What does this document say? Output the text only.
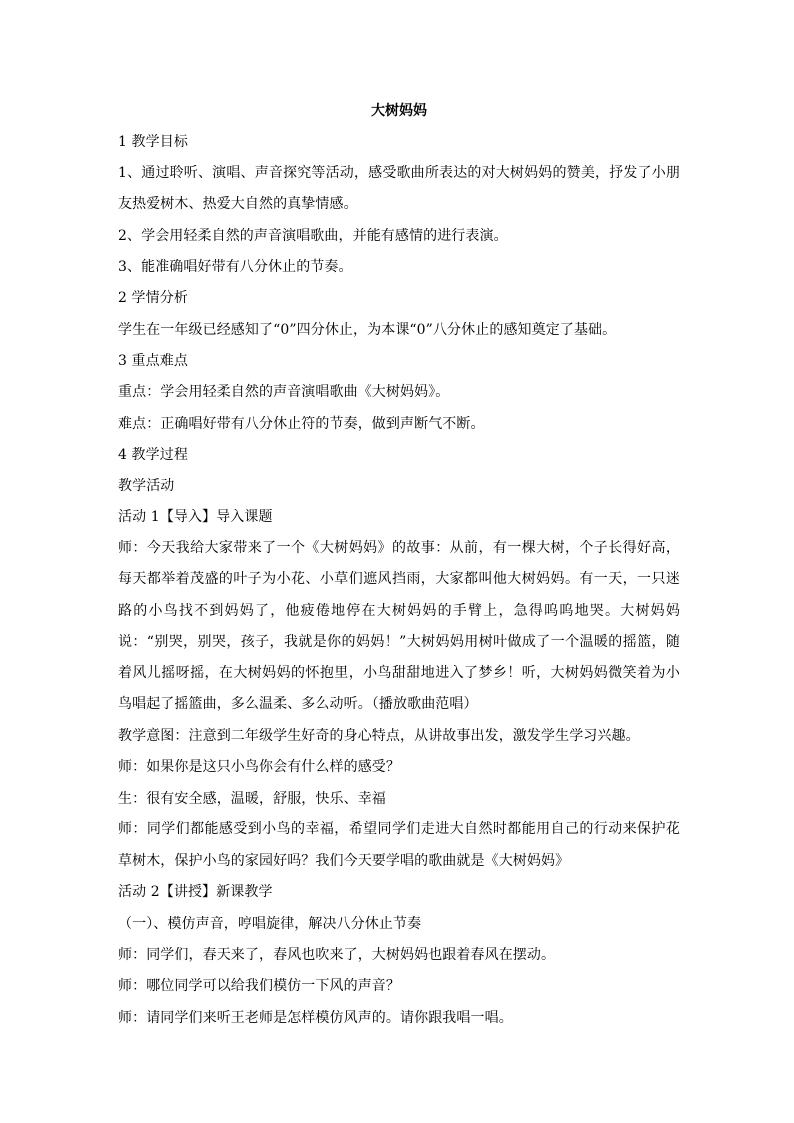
大树妈妈
1 教学目标
1、通过聆听、演唱、声音探究等活动，感受歌曲所表达的对大树妈妈的赞美，抒发了小朋友热爱树木、热爱大自然的真挚情感。
2、学会用轻柔自然的声音演唱歌曲，并能有感情的进行表演。
3、能准确唱好带有八分休止的节奏。
2 学情分析
学生在一年级已经感知了“0”四分休止，为本课“0”八分休止的感知奠定了基础。
3 重点难点
重点：学会用轻柔自然的声音演唱歌曲《大树妈妈》。
难点：正确唱好带有八分休止符的节奏，做到声断气不断。
4 教学过程
教学活动
活动 1【导入】导入课题
师：今天我给大家带来了一个《大树妈妈》的故事：从前，有一棵大树，个子长得好高，每天都举着茂盛的叶子为小花、小草们遮风挡雨，大家都叫他大树妈妈。有一天，一只迷路的小鸟找不到妈妈了，他疲倦地停在大树妈妈的手臂上，急得呜呜地哭。大树妈妈说：“别哭，别哭，孩子，我就是你的妈妈！”大树妈妈用树叶做成了一个温暖的摇篮，随着风儿摇呀摇，在大树妈妈的怀抱里，小鸟甜甜地进入了梦乡！听，大树妈妈微笑着为小鸟唱起了摇篮曲，多么温柔、多么动听。（播放歌曲范唱）
教学意图：注意到二年级学生好奇的身心特点，从讲故事出发，激发学生学习兴趣。
师：如果你是这只小鸟你会有什么样的感受？
生：很有安全感，温暖，舒服，快乐、幸福
师：同学们都能感受到小鸟的幸福，希望同学们走进大自然时都能用自己的行动来保护花草树木，保护小鸟的家园好吗？我们今天要学唱的歌曲就是《大树妈妈》
活动 2【讲授】新课教学
（一）、模仿声音，哼唱旋律，解决八分休止节奏
师：同学们，春天来了，春风也吹来了，大树妈妈也跟着春风在摆动。
师：哪位同学可以给我们模仿一下风的声音？
师：请同学们来听王老师是怎样模仿风声的。请你跟我唱一唱。
